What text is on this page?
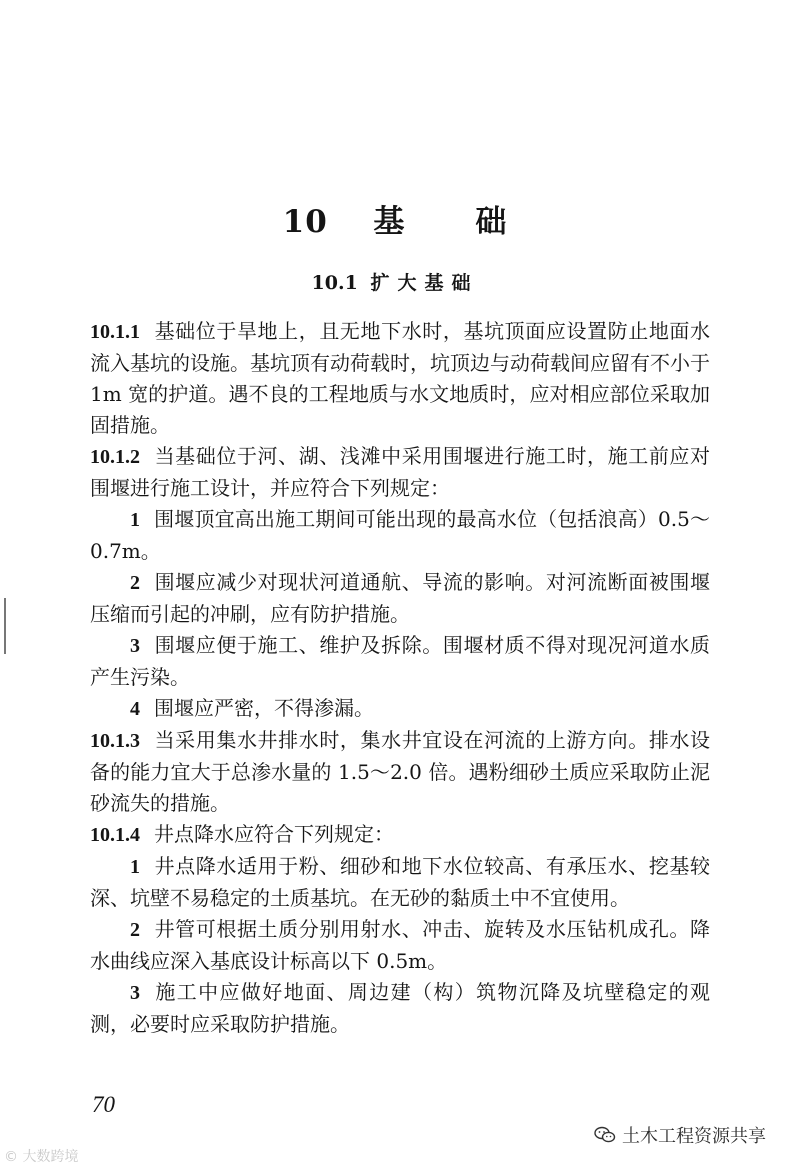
10 基 础
10.1 扩大基础

10.1.1 基础位于旱地上，且无地下水时，基坑顶面应设置防止地面水流入基坑的设施。基坑顶有动荷载时，坑顶边与动荷载间应留有不小于 1m 宽的护道。遇不良的工程地质与水文地质时，应对相应部位采取加固措施。

10.1.2 当基础位于河、湖、浅滩中采用围堰进行施工时，施工前应对围堰进行施工设计，并应符合下列规定：

1 围堰顶宜高出施工期间可能出现的最高水位（包括浪高）0.5～0.7m。

2 围堰应减少对现状河道通航、导流的影响。对河流断面被围堰压缩而引起的冲刷，应有防护措施。

3 围堰应便于施工、维护及拆除。围堰材质不得对现况河道水质产生污染。

4 围堰应严密，不得渗漏。

10.1.3 当采用集水井排水时，集水井宜设在河流的上游方向。排水设备的能力宜大于总渗水量的 1.5～2.0 倍。遇粉细砂土质应采取防止泥砂流失的措施。

10.1.4 井点降水应符合下列规定：

1 井点降水适用于粉、细砂和地下水位较高、有承压水、挖基较深、坑壁不易稳定的土质基坑。在无砂的黏质土中不宜使用。

2 井管可根据土质分别用射水、冲击、旋转及水压钻机成孔。降水曲线应深入基底设计标高以下 0.5m。

3 施工中应做好地面、周边建（构）筑物沉降及坑壁稳定的观测，必要时应采取防护措施。

70

土木工程资源共享
© 大数跨境
